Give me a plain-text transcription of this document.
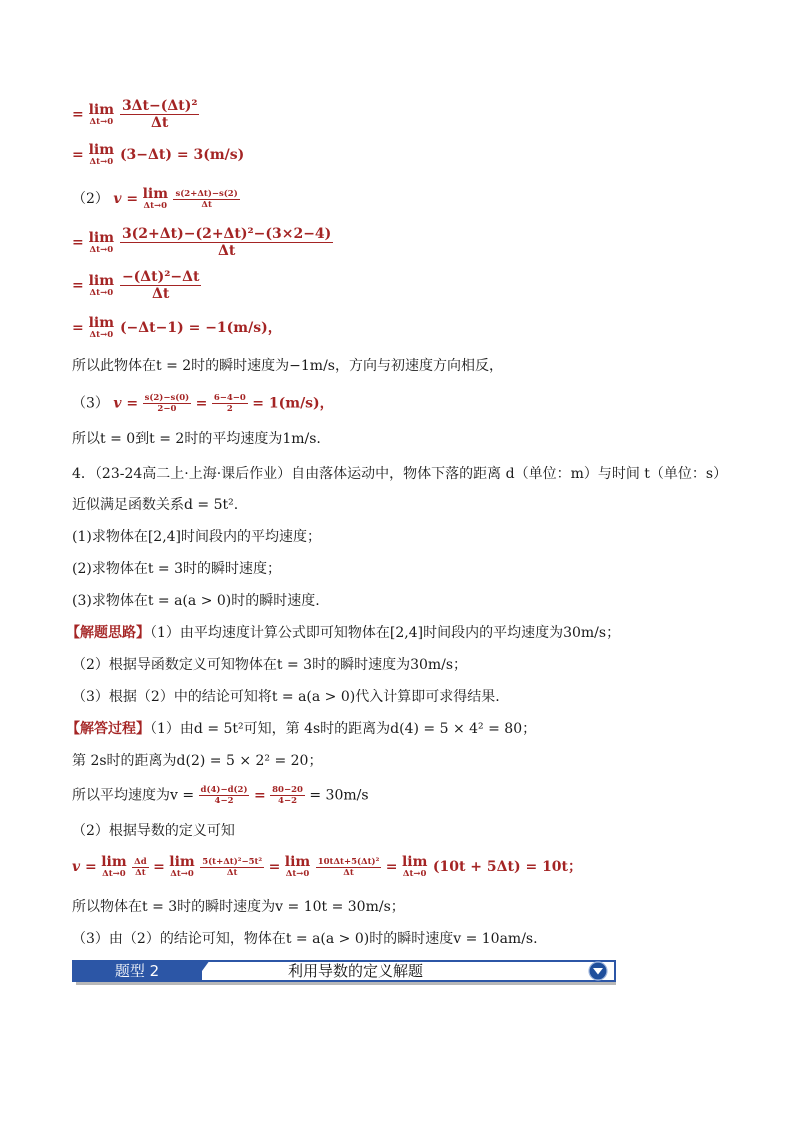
= lim
Δt→0
$\frac{\text{3Δt−(Δt)²}}{\Delta t}$
= lim
Δt→0 (3−Δt) = 3(m/s)
（2） v = lim
Δt→0
$\frac{s(2+\Delta t)-s(2)}{\Delta t}$
= lim
Δt→0
$\frac{\text{3(2+Δt)−(2+Δt)²−(3×2−4)}}{\Delta t}$
= lim
Δt→0
$\frac{\text{−(Δt)²−Δt}}{\Delta t}$
= lim
Δt→0 (−Δt−1) = −1(m/s)，
所以此物体在t = 2时的瞬时速度为−1m/s，方向与初速度方向相反，
（3） $v = \frac{s(2)-s(0)}{2-0} = \frac{6-4-0}{2} = 1(m/s)$，
所以t = 0到t = 2时的平均速度为1m/s.
4．（23-24高二上·上海·课后作业）自由落体运动中，物体下落的距离 d（单位：m）与时间 t（单位：s）
近似满足函数关系d = 5t².
(1)求物体在[2,4]时间段内的平均速度；
(2)求物体在t = 3时的瞬时速度；
(3)求物体在t = a(a > 0)时的瞬时速度.
【解题思路】（1）由平均速度计算公式即可知物体在[2,4]时间段内的平均速度为30m/s；
（2）根据导函数定义可知物体在t = 3时的瞬时速度为30m/s；
（3）根据（2）中的结论可知将t = a(a > 0)代入计算即可求得结果.
【解答过程】（1）由d = 5t²可知，第 4s时的距离为d(4) = 5 × 4² = 80；
第 2s时的距离为d(2) = 5 × 2² = 20；
所以平均速度为$v = \frac{d(4)-d(2)}{4-2} = \frac{80-20}{4-2} = 30m/s$
（2）根据导数的定义可知
v = lim
Δt→0
$\frac{\Delta d}{\Delta t} = \lim$
Δt→0
$\frac{\text{5(t+Δt)²−5t²}}{\Delta t} = \lim$
Δt→0
$\frac{\text{10tΔt+5(Δt)²}}{\Delta t} = \lim$
Δt→0 (10t + 5Δt) = 10t；
所以物体在t = 3时的瞬时速度为v = 10t = 30m/s；
（3）由（2）的结论可知，物体在t = a(a > 0)时的瞬时速度v = 10am/s.
利用导数的定义解题
题型 2
